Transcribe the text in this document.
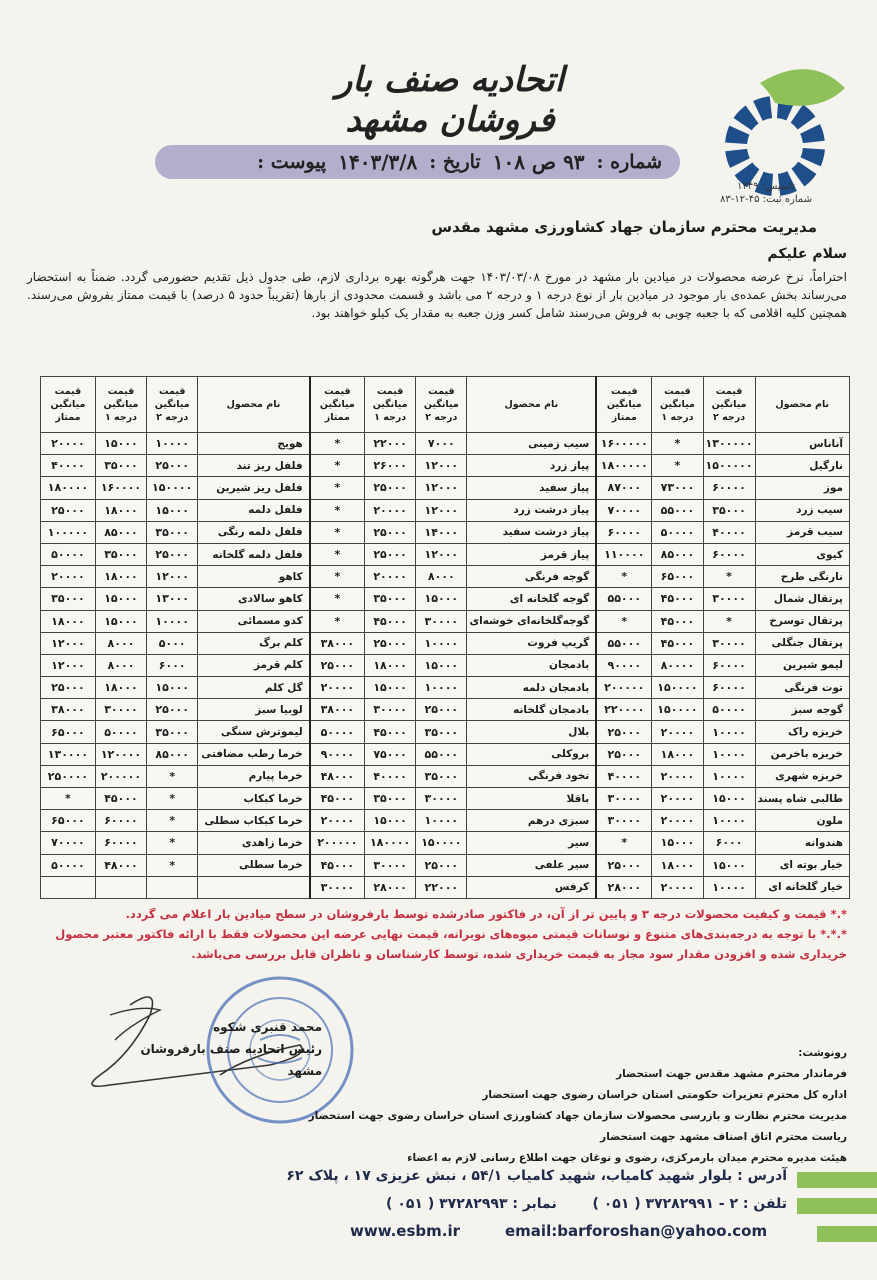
تاسیس: ۱۳۴۹
شماره ثبت: ۴۵-۱۲-۸۳
اتحادیه صنف بار فروشان مشهد
شماره :
۹۳ ص ۱۰۸
تاریخ :
۱۴۰۳/۳/۸
پیوست :
مدیریت محترم سازمان جهاد کشاورزی مشهد مقدس
سلام علیکم
احتراماً، نرخ عرضه محصولات در میادین بار مشهد در مورخ ۱۴۰۳/۰۳/۰۸ جهت هرگونه بهره برداری لازم، طی جدول ذیل تقدیم حضورمی گردد. ضمناً به استحضار می‌رساند بخش عمده‌ی بار موجود در میادین بار از نوع درجه ۱ و درجه ۲ می باشد و قسمت محدودی از بارها (تقریباً حدود ۵ درصد) با قیمت ممتاز بفروش می‌رسند. همچنین کلیه اقلامی که با جعبه چوبی به فروش می‌رسند شامل کسر وزن جعبه به مقدار یک کیلو خواهند بود.
نام محصول	قیمت میانگین درجه ۲	قیمت میانگین درجه ۱	قیمت میانگین ممتاز	نام محصول	قیمت میانگین درجه ۲	قیمت میانگین درجه ۱	قیمت میانگین ممتاز	نام محصول	قیمت میانگین درجه ۲	قیمت میانگین درجه ۱	قیمت میانگین ممتاز
آناناس	۱۳۰۰۰۰۰	*	۱۶۰۰۰۰۰	سیب زمینی	۷۰۰۰	۲۲۰۰۰	*	هویج	۱۰۰۰۰	۱۵۰۰۰	۲۰۰۰۰
نارگیل	۱۵۰۰۰۰۰	*	۱۸۰۰۰۰۰	پیاز زرد	۱۲۰۰۰	۲۶۰۰۰	*	فلفل ریز تند	۲۵۰۰۰	۳۵۰۰۰	۴۰۰۰۰
موز	۶۰۰۰۰	۷۳۰۰۰	۸۷۰۰۰	پیاز سفید	۱۲۰۰۰	۲۵۰۰۰	*	فلفل ریز شیرین	۱۵۰۰۰۰	۱۶۰۰۰۰	۱۸۰۰۰۰
سیب زرد	۳۵۰۰۰	۵۵۰۰۰	۷۰۰۰۰	پیاز درشت زرد	۱۲۰۰۰	۲۰۰۰۰	*	فلفل دلمه	۱۵۰۰۰	۱۸۰۰۰	۲۵۰۰۰
سیب قرمز	۴۰۰۰۰	۵۰۰۰۰	۶۰۰۰۰	پیاز درشت سفید	۱۴۰۰۰	۲۵۰۰۰	*	فلفل دلمه رنگی	۳۵۰۰۰	۸۵۰۰۰	۱۰۰۰۰۰
کیوی	۶۰۰۰۰	۸۵۰۰۰	۱۱۰۰۰۰	پیاز قرمز	۱۲۰۰۰	۲۵۰۰۰	*	فلفل دلمه گلخانه	۲۵۰۰۰	۳۵۰۰۰	۵۰۰۰۰
نارنگی طرح	*	۶۵۰۰۰	*	گوجه فرنگی	۸۰۰۰	۲۰۰۰۰	*	کاهو	۱۲۰۰۰	۱۸۰۰۰	۲۰۰۰۰
پرتقال شمال	۳۰۰۰۰	۴۵۰۰۰	۵۵۰۰۰	گوجه گلخانه ای	۱۵۰۰۰	۳۵۰۰۰	*	کاهو سالادی	۱۳۰۰۰	۱۵۰۰۰	۳۵۰۰۰
پرتقال توسرخ	*	۴۵۰۰۰	*	گوجه‌گلخانه‌ای خوشه‌ای	۳۰۰۰۰	۴۵۰۰۰	*	کدو مسمائی	۱۰۰۰۰	۱۵۰۰۰	۱۸۰۰۰
پرتقال جنگلی	۳۰۰۰۰	۴۵۰۰۰	۵۵۰۰۰	گریپ فروت	۱۰۰۰۰	۲۵۰۰۰	۳۸۰۰۰	کلم برگ	۵۰۰۰	۸۰۰۰	۱۲۰۰۰
لیمو شیرین	۶۰۰۰۰	۸۰۰۰۰	۹۰۰۰۰	بادمجان	۱۵۰۰۰	۱۸۰۰۰	۲۵۰۰۰	کلم قرمز	۶۰۰۰	۸۰۰۰	۱۲۰۰۰
توت فرنگی	۶۰۰۰۰	۱۵۰۰۰۰	۲۰۰۰۰۰	بادمجان دلمه	۱۰۰۰۰	۱۵۰۰۰	۲۰۰۰۰	گل کلم	۱۵۰۰۰	۱۸۰۰۰	۲۵۰۰۰
گوجه سبز	۵۰۰۰۰	۱۵۰۰۰۰	۲۲۰۰۰۰	بادمجان گلخانه	۲۵۰۰۰	۳۰۰۰۰	۳۸۰۰۰	لوبیا سبز	۲۵۰۰۰	۳۰۰۰۰	۳۸۰۰۰
خربزه راک	۱۰۰۰۰	۲۰۰۰۰	۲۵۰۰۰	بلال	۳۵۰۰۰	۴۵۰۰۰	۵۰۰۰۰	لیموترش سنگی	۳۵۰۰۰	۵۰۰۰۰	۶۵۰۰۰
خربزه باخرمن	۱۰۰۰۰	۱۸۰۰۰	۲۵۰۰۰	بروکلی	۵۵۰۰۰	۷۵۰۰۰	۹۰۰۰۰	خرما رطب مضافتی	۸۵۰۰۰	۱۲۰۰۰۰	۱۳۰۰۰۰
خربزه شهری	۱۰۰۰۰	۲۰۰۰۰	۴۰۰۰۰	نخود فرنگی	۳۵۰۰۰	۴۰۰۰۰	۴۸۰۰۰	خرما پیارم	*	۲۰۰۰۰۰	۲۵۰۰۰۰
طالبی شاه پسند	۱۵۰۰۰	۲۰۰۰۰	۳۰۰۰۰	باقلا	۳۰۰۰۰	۳۵۰۰۰	۴۵۰۰۰	خرما کبکاب	*	۴۵۰۰۰	*
ملون	۱۰۰۰۰	۲۰۰۰۰	۳۰۰۰۰	سبزی درهم	۱۰۰۰۰	۱۵۰۰۰	۲۰۰۰۰	خرما کبکاب سطلی	*	۶۰۰۰۰	۶۵۰۰۰
هندوانه	۶۰۰۰	۱۵۰۰۰	*	سیر	۱۵۰۰۰۰	۱۸۰۰۰۰	۲۰۰۰۰۰	خرما زاهدی	*	۶۰۰۰۰	۷۰۰۰۰
خیار بوته ای	۱۵۰۰۰	۱۸۰۰۰	۲۵۰۰۰	سیر علفی	۲۵۰۰۰	۳۰۰۰۰	۴۵۰۰۰	خرما سطلی	*	۴۸۰۰۰	۵۰۰۰۰
خیار گلخانه ای	۱۰۰۰۰	۲۰۰۰۰	۲۸۰۰۰	کرفس	۲۲۰۰۰	۲۸۰۰۰	۳۰۰۰۰				
*.* قیمت و کیفیت محصولات درجه ۳ و پایین تر از آن، در فاکتور صادرشده توسط بارفروشان در سطح میادین بار اعلام می گردد.
*.*.* با توجه به درجه‌بندی‌های متنوع و نوسانات قیمتی میوه‌های نوبرانه، قیمت نهایی عرضه این محصولات فقط با ارائه فاکتور معتبر محصول خریداری شده و افزودن مقدار سود مجاز به قیمت خریداری شده، توسط کارشناسان و ناظران قابل بررسی می‌باشد.
محمد قنبری شکوه
رئیس اتحادیه صنف بارفروشان مشهد
رونوشت:
فرماندار محترم مشهد مقدس جهت استحضار
اداره کل محترم تعزیرات حکومتی استان خراسان رضوی جهت استحضار
مدیریت محترم نظارت و بازرسی محصولات سازمان جهاد کشاورزی استان خراسان رضوی جهت استحضار
ریاست محترم اتاق اصناف مشهد جهت استحضار
هیئت مدیره محترم میدان بارمرکزی، رضوی و نوغان جهت اطلاع رسانی لازم به اعضاء
آدرس : بلوار شهید کامیاب، شهید کامیاب ۵۴/۱ ، نبش عزیزی ۱۷ ، پلاک ۶۲
تلفن : ۲ - ۳۷۲۸۲۹۹۱ ( ۰۵۱ )  نمابر : ۳۷۲۸۲۹۹۳ ( ۰۵۱ )
www.esbm.ir	email:barforoshan@yahoo.com
